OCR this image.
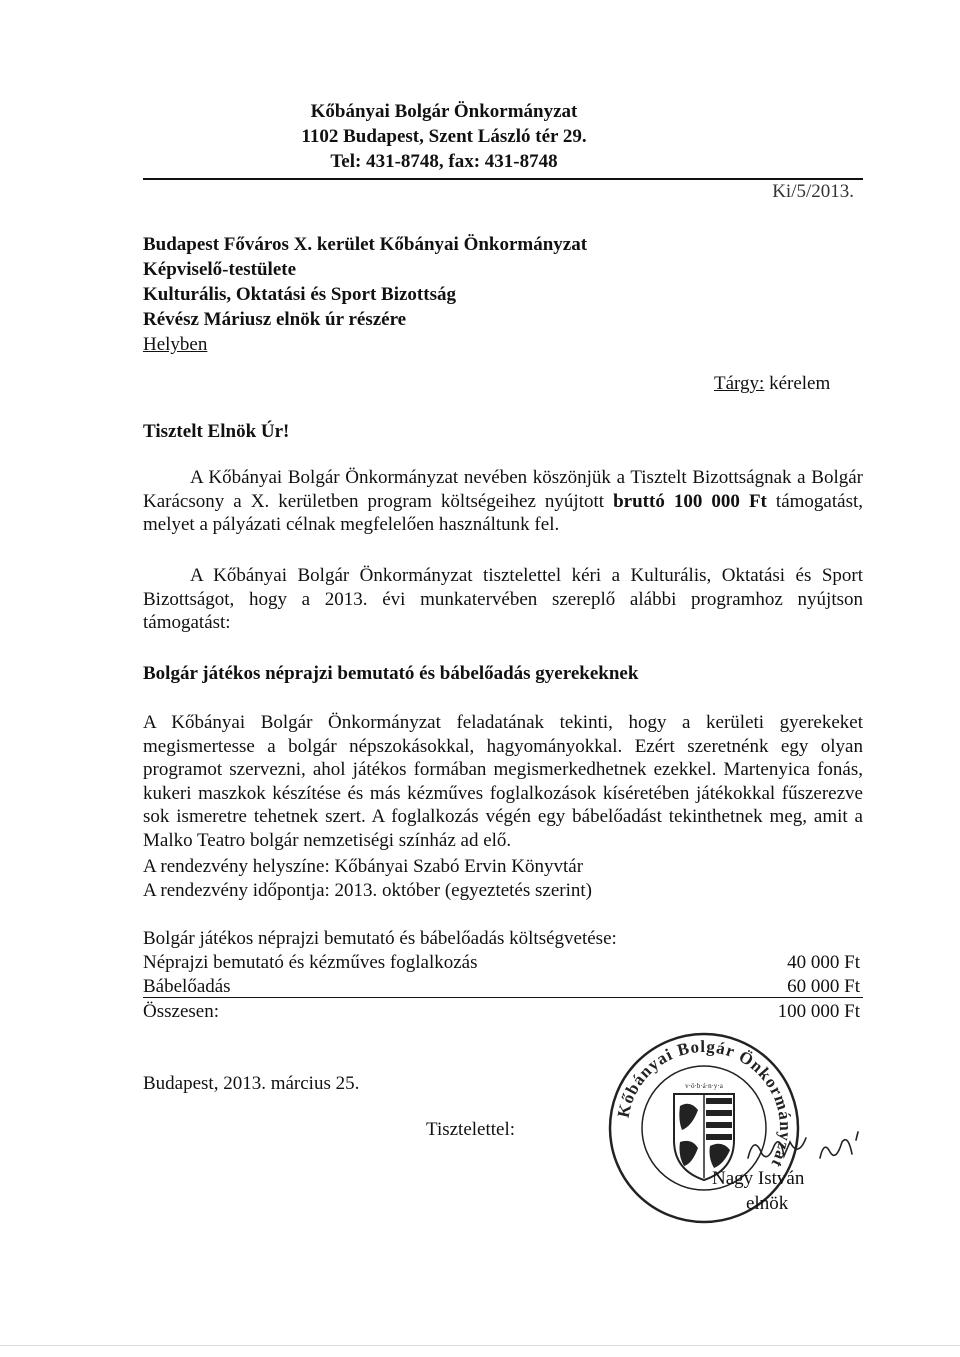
Kőbányai Bolgár Önkormányzat
1102 Budapest, Szent László tér 29.
Tel: 431-8748, fax: 431-8748
Ki/5/2013.
Budapest Főváros X. kerület Kőbányai Önkormányzat
Képviselő-testülete
Kulturális, Oktatási és Sport Bizottság
Révész Máriusz elnök úr részére
Helyben
Tárgy: kérelem
Tisztelt Elnök Úr!
A Kőbányai Bolgár Önkormányzat nevében köszönjük a Tisztelt Bizottságnak a Bolgár Karácsony a X. kerületben program költségeihez nyújtott bruttó 100 000 Ft támogatást, melyet a pályázati célnak megfelelően használtunk fel.
A Kőbányai Bolgár Önkormányzat tisztelettel kéri a Kulturális, Oktatási és Sport Bizottságot, hogy a 2013. évi munkatervében szereplő alábbi programhoz nyújtson támogatást:
Bolgár játékos néprajzi bemutató és bábelőadás gyerekeknek
A Kőbányai Bolgár Önkormányzat feladatának tekinti, hogy a kerületi gyerekeket megismertesse a bolgár népszokásokkal, hagyományokkal. Ezért szeretnénk egy olyan programot szervezni, ahol játékos formában megismerkedhetnek ezekkel. Martenyica fonás, kukeri maszkok készítése és más kézműves foglalkozások kíséretében játékokkal fűszerezve sok ismeretre tehetnek szert. A foglalkozás végén egy bábelőadást tekinthetnek meg, amit a Malko Teatro bolgár nemzetiségi színház ad elő.
A rendezvény helyszíne: Kőbányai Szabó Ervin Könyvtár
A rendezvény időpontja: 2013. október (egyeztetés szerint)
Bolgár játékos néprajzi bemutató és bábelőadás költségvetése:
Néprajzi bemutató és kézműves foglalkozás	40 000 Ft
Bábelőadás	60 000 Ft
Összesen:	100 000 Ft
Budapest, 2013. március 25.
Tisztelettel:
Kőbányai Bolgár Önkormányzat
v·ö·b·á·n·y·a
Nagy István
elnök
